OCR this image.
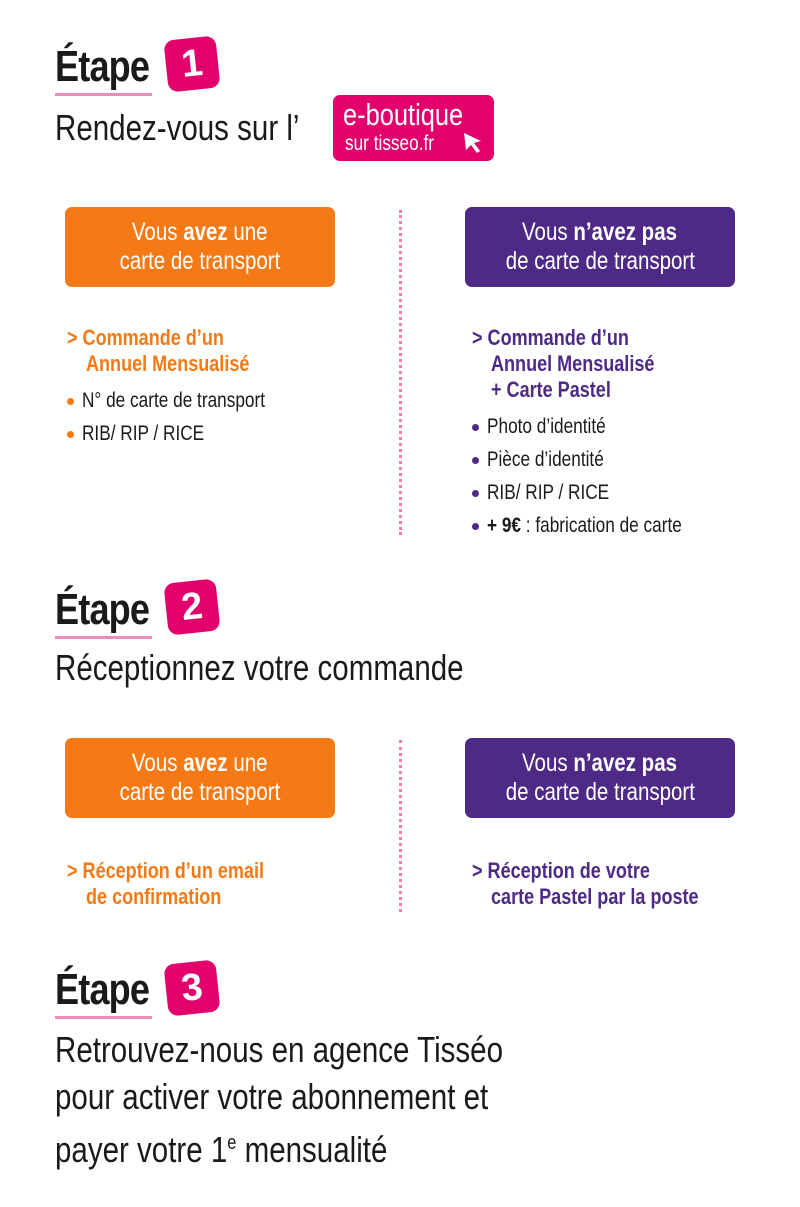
Étape 1
Rendez-vous sur l’	e-boutique
sur tisseo.fr
Vous avez une
carte de transport
Vous n’avez pas
de carte de transport
> Commande d’un
Annuel Mensualisé
N° de carte de transport
RIB/ RIP / RICE
> Commande d’un
Annuel Mensualisé
+ Carte Pastel
Photo d’identité
Pièce d’identité
RIB/ RIP / RICE
+ 9€ : fabrication de carte
Étape 2
Réceptionnez votre commande
Vous avez une
carte de transport
Vous n’avez pas
de carte de transport
> Réception d’un email
de confirmation
> Réception de votre
carte Pastel par la poste
Étape 3
Retrouvez-nous en agence Tisséo
pour activer votre abonnement et
payer votre 1e mensualité
